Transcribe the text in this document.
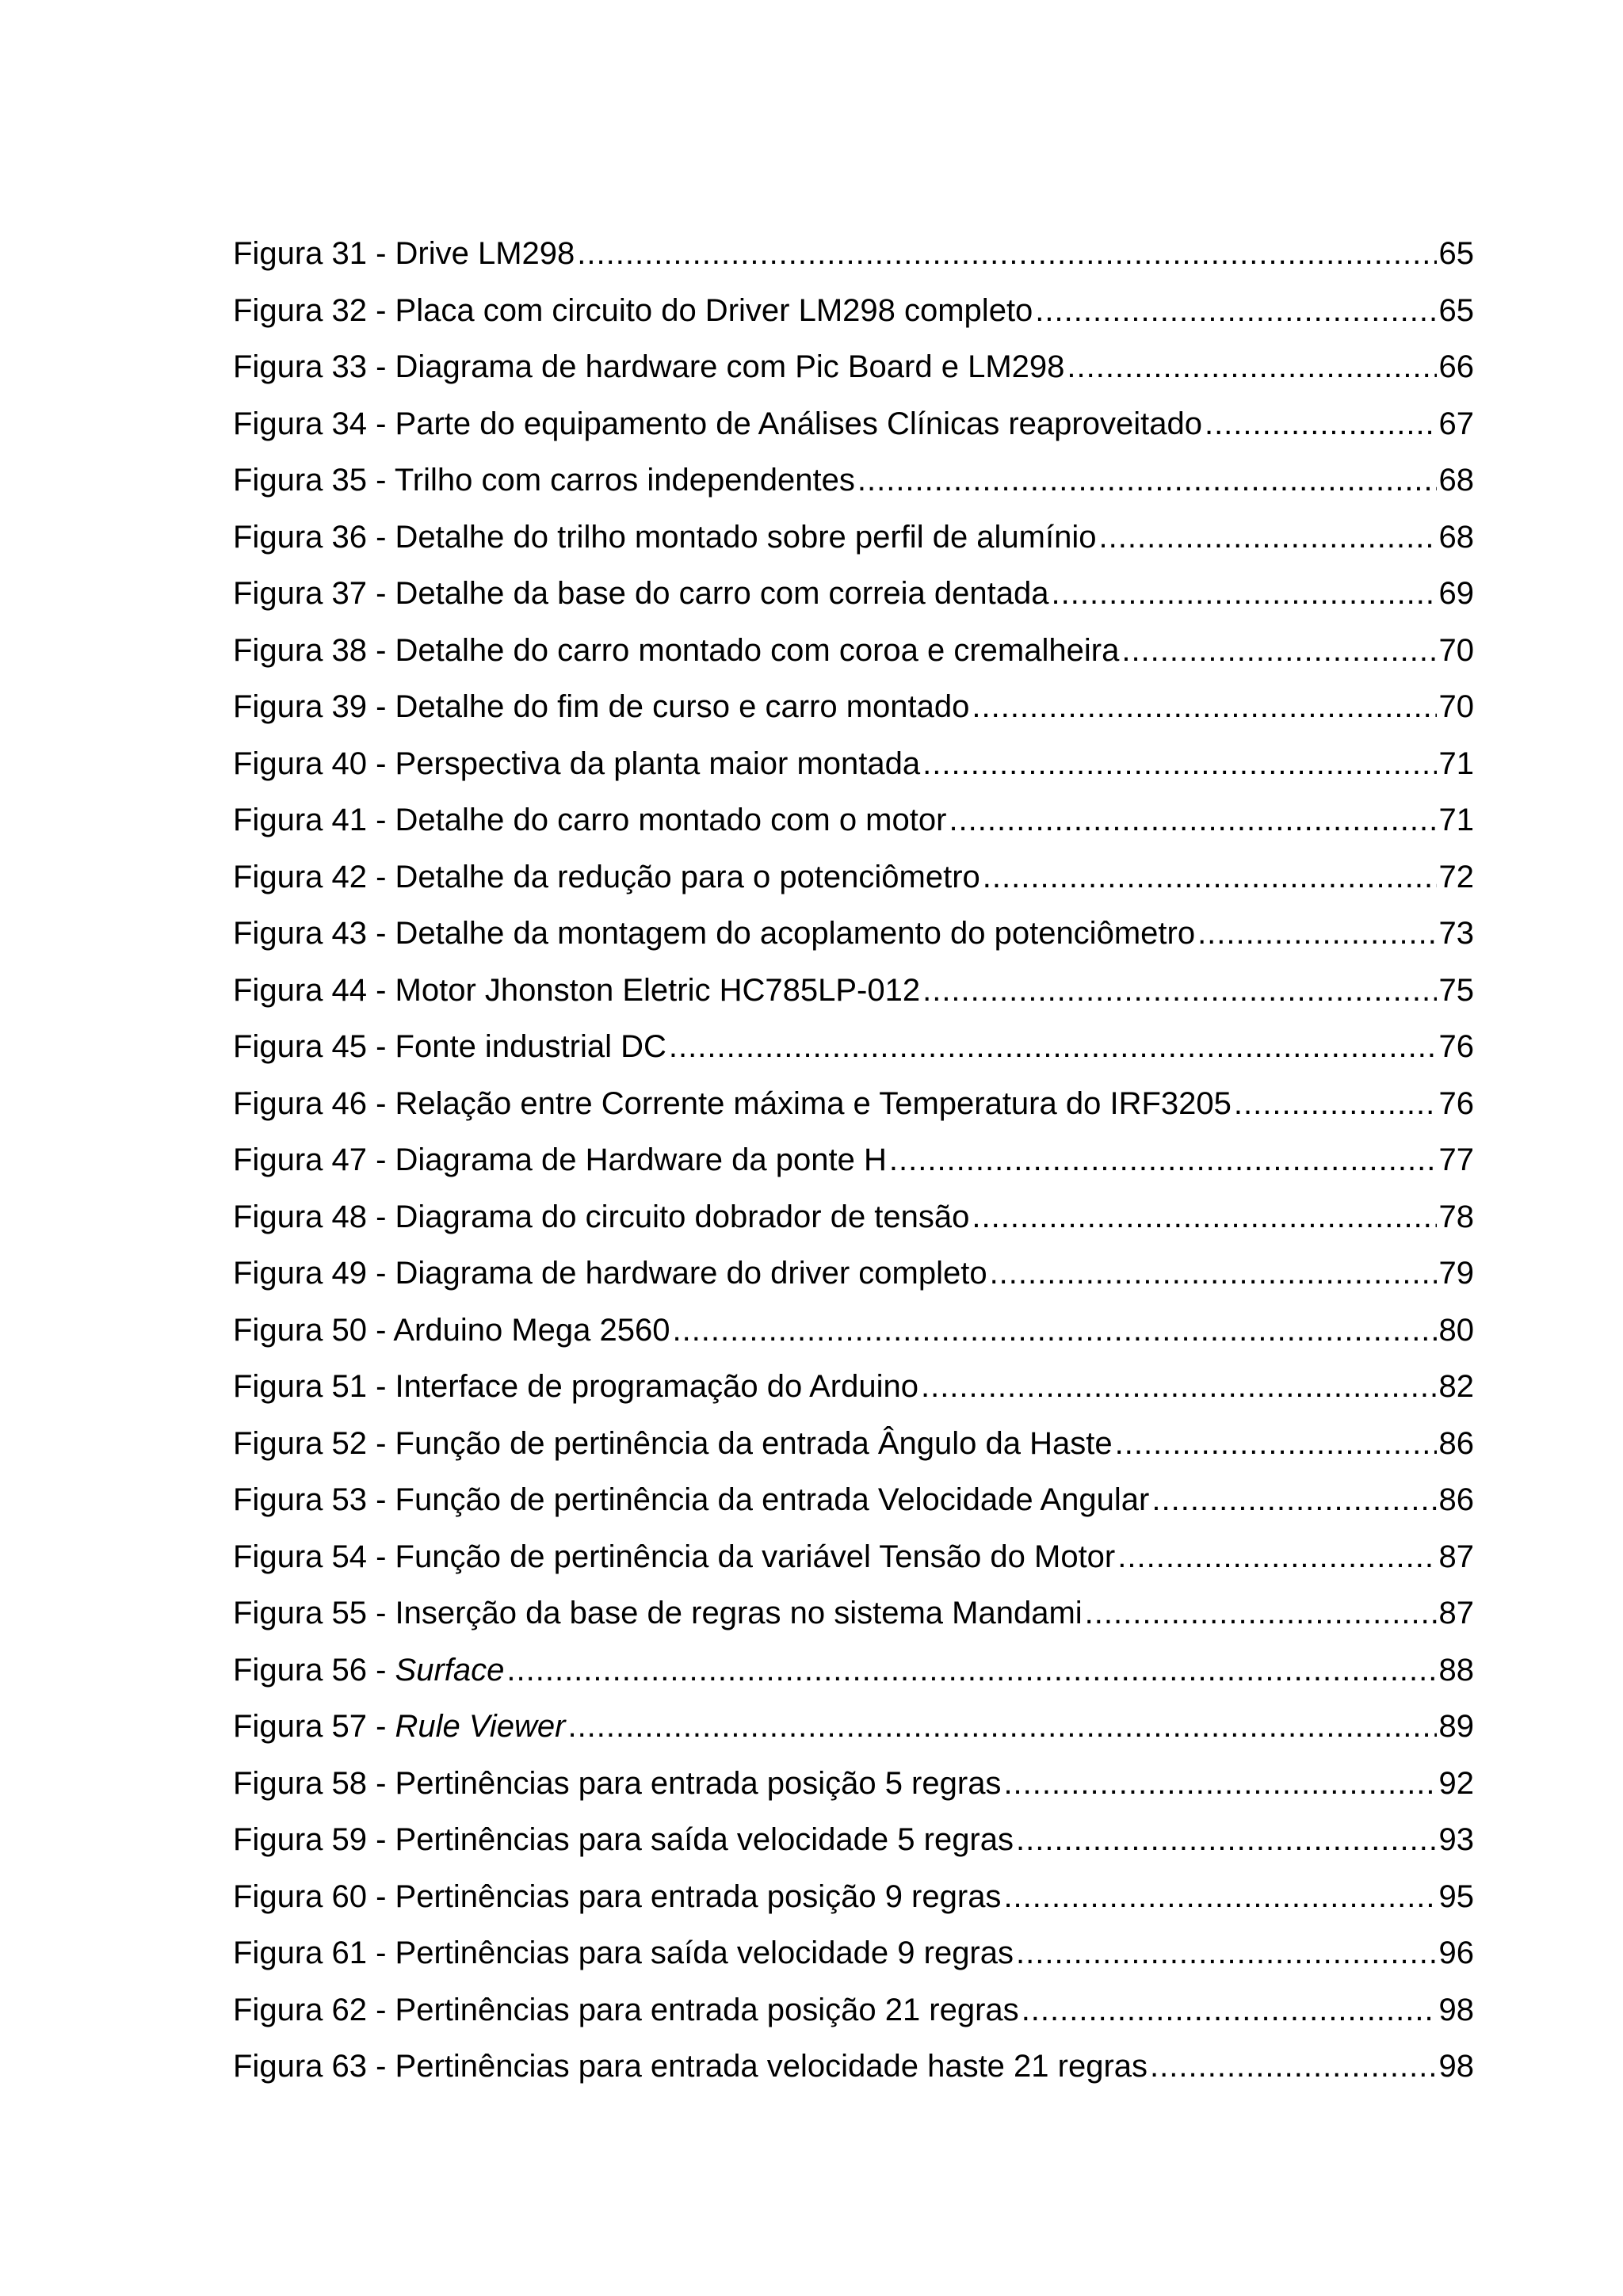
Figura 31 - Drive LM298 .....	65
Figura 32 - Placa com circuito do Driver LM298 completo .....	65
Figura 33 - Diagrama de hardware com Pic Board e LM298 .....	66
Figura 34 - Parte do equipamento de Análises Clínicas reaproveitado .....	67
Figura 35 - Trilho com carros independentes .....	68
Figura 36 - Detalhe do trilho montado sobre perfil de alumínio .....	68
Figura 37 - Detalhe da base do carro com correia dentada .....	69
Figura 38 - Detalhe do carro montado com coroa e cremalheira .....	70
Figura 39 - Detalhe do fim de curso e carro montado .....	70
Figura 40 - Perspectiva da planta maior montada .....	71
Figura 41 - Detalhe do carro montado com o motor .....	71
Figura 42 - Detalhe da redução para o potenciômetro .....	72
Figura 43 - Detalhe da montagem do acoplamento do potenciômetro .....	73
Figura 44 - Motor Jhonston Eletric HC785LP-012 .....	75
Figura 45 - Fonte industrial DC .....	76
Figura 46 - Relação entre Corrente máxima e Temperatura do IRF3205 .....	76
Figura 47 - Diagrama de Hardware da ponte H .....	77
Figura 48 - Diagrama do circuito dobrador de tensão .....	78
Figura 49 - Diagrama de hardware do driver completo .....	79
Figura 50 - Arduino Mega 2560 .....	80
Figura 51 - Interface de programação do Arduino .....	82
Figura 52 - Função de pertinência da entrada Ângulo da Haste .....	86
Figura 53 - Função de pertinência da entrada Velocidade Angular .....	86
Figura 54 - Função de pertinência da variável Tensão do Motor .....	87
Figura 55 - Inserção da base de regras no sistema Mandami .....	87
Figura 56 - Surface .....	88
Figura 57 - Rule Viewer .....	89
Figura 58 - Pertinências para entrada posição 5 regras .....	92
Figura 59 - Pertinências para saída velocidade 5 regras .....	93
Figura 60 - Pertinências para entrada posição 9 regras .....	95
Figura 61 - Pertinências para saída velocidade 9 regras .....	96
Figura 62 - Pertinências para entrada posição 21 regras .....	98
Figura 63 - Pertinências para entrada velocidade haste 21 regras .....	98
